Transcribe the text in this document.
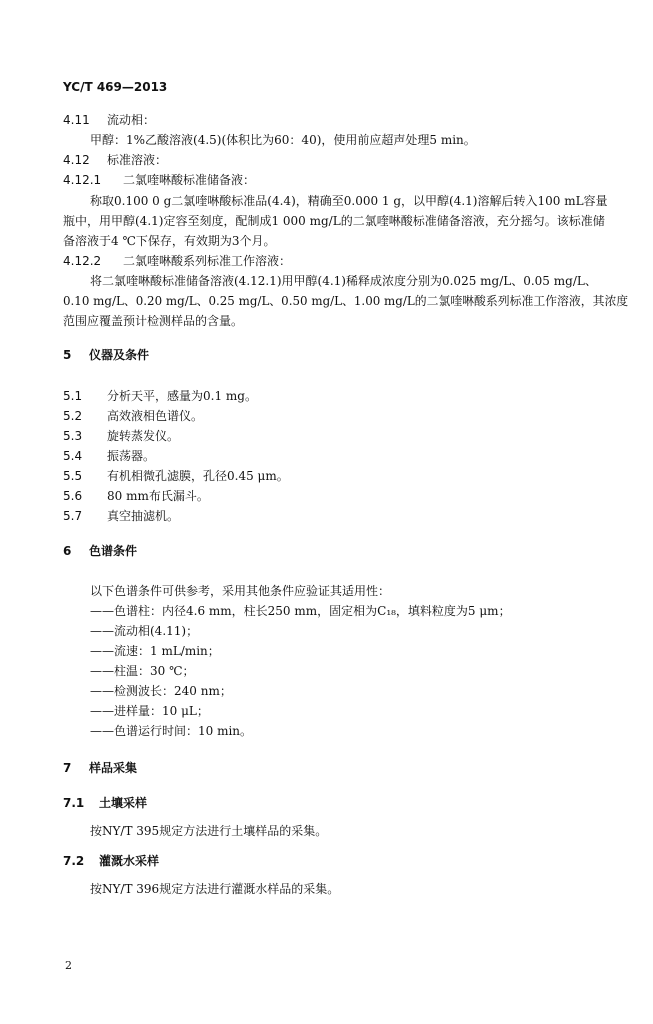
YC/T 469—2013
4.11 流动相：
甲醇：1%乙酸溶液(4.5)(体积比为60：40)，使用前应超声处理5 min。
4.12 标准溶液：
4.12.1 二氯喹啉酸标准储备液：
称取0.100 0 g二氯喹啉酸标准品(4.4)，精确至0.000 1 g，以甲醇(4.1)溶解后转入100 mL容量
瓶中，用甲醇(4.1)定容至刻度，配制成1 000 mg/L的二氯喹啉酸标准储备溶液，充分摇匀。该标准储
备溶液于4 ℃下保存，有效期为3个月。
4.12.2 二氯喹啉酸系列标准工作溶液：
将二氯喹啉酸标准储备溶液(4.12.1)用甲醇(4.1)稀释成浓度分别为0.025 mg/L、0.05 mg/L、
0.10 mg/L、0.20 mg/L、0.25 mg/L、0.50 mg/L、1.00 mg/L的二氯喹啉酸系列标准工作溶液，其浓度
范围应覆盖预计检测样品的含量。
5 仪器及条件
5.1 分析天平，感量为0.1 mg。
5.2 高效液相色谱仪。
5.3 旋转蒸发仪。
5.4 振荡器。
5.5 有机相微孔滤膜，孔径0.45 μm。
5.6 80 mm布氏漏斗。
5.7 真空抽滤机。
6 色谱条件
以下色谱条件可供参考，采用其他条件应验证其适用性：
——色谱柱：内径4.6 mm，柱长250 mm，固定相为C₁₈，填料粒度为5 μm；
——流动相(4.11)；
——流速：1 mL/min；
——柱温：30 ℃；
——检测波长：240 nm；
——进样量：10 μL；
——色谱运行时间：10 min。
7 样品采集
7.1 土壤采样
按NY/T 395规定方法进行土壤样品的采集。
7.2 灌溉水采样
按NY/T 396规定方法进行灌溉水样品的采集。
2
